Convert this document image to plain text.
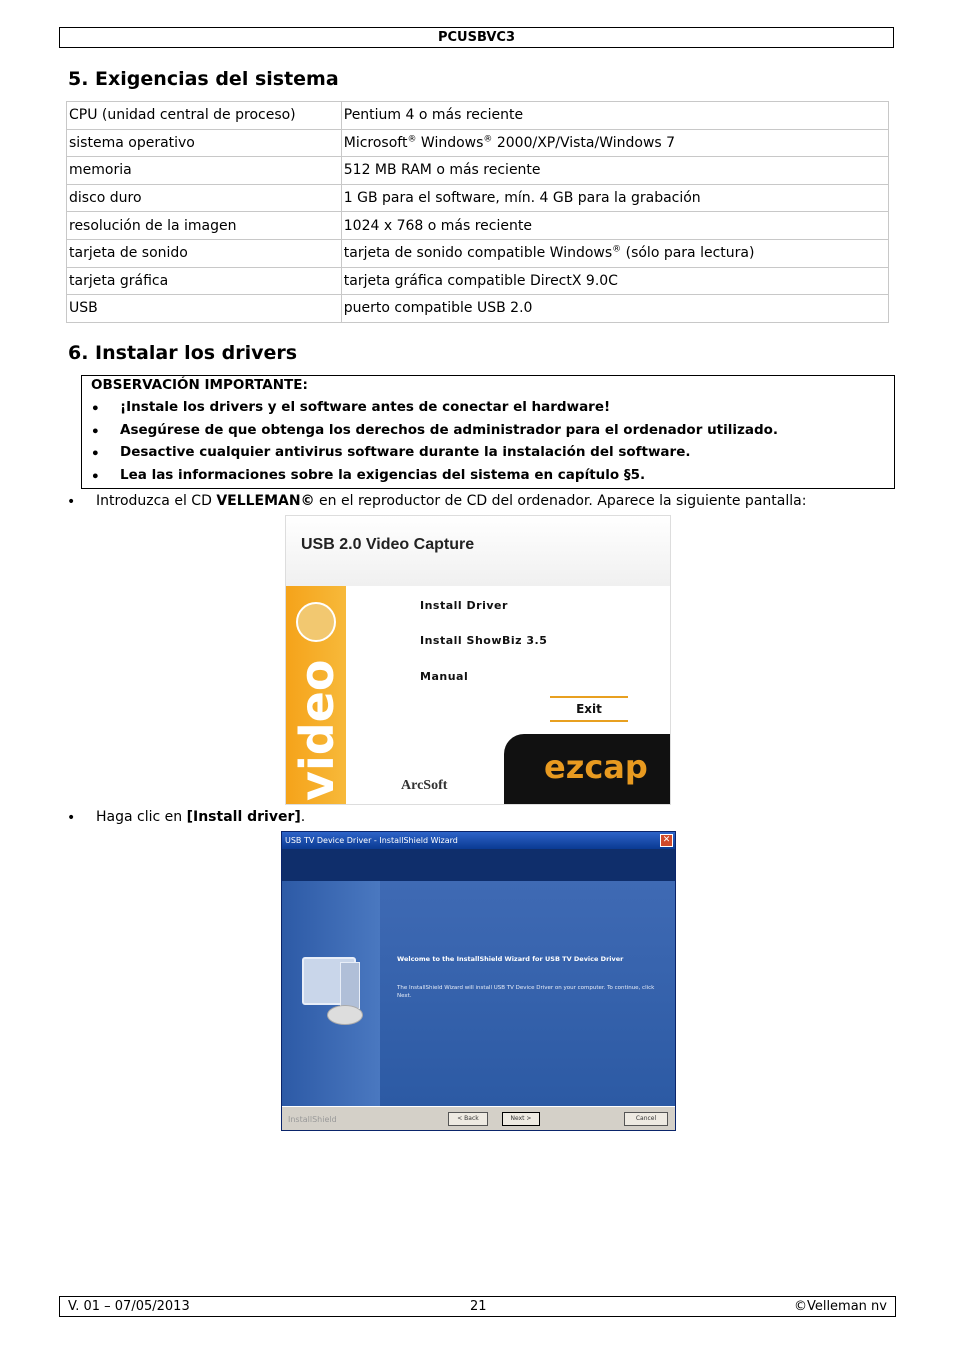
PCUSBVC3
5. Exigencias del sistema
CPU (unidad central de proceso)	Pentium 4 o más reciente
sistema operativo	Microsoft® Windows® 2000/XP/Vista/Windows 7
memoria	512 MB RAM o más reciente
disco duro	1 GB para el software, mín. 4 GB para la grabación
resolución de la imagen	1024 x 768 o más reciente
tarjeta de sonido	tarjeta de sonido compatible Windows® (sólo para lectura)
tarjeta gráfica	tarjeta gráfica compatible DirectX 9.0C
USB	puerto compatible USB 2.0
6. Instalar los drivers
OBSERVACIÓN IMPORTANTE:
• ¡Instale los drivers y el software antes de conectar el hardware!
• Asegúrese de que obtenga los derechos de administrador para el ordenador utilizado.
• Desactive cualquier antivirus software durante la instalación del software.
• Lea las informaciones sobre la exigencias del sistema en capítulo §5.
• Introduzca el CD VELLEMAN© en el reproductor de CD del ordenador. Aparece la siguiente pantalla:
video
USB 2.0 Video Capture
Install Driver
Install ShowBiz 3.5
Manual
Exit
ArcSoft	ezcap
• Haga clic en [Install driver].
USB TV Device Driver - InstallShield Wizard	✕
Welcome to the InstallShield Wizard for USB TV Device Driver
The InstallShield Wizard will install USB TV Device Driver on your computer. To continue, click Next.
InstallShield	< Back	Next >	Cancel
V. 01 – 07/05/2013	21	©Velleman nv
